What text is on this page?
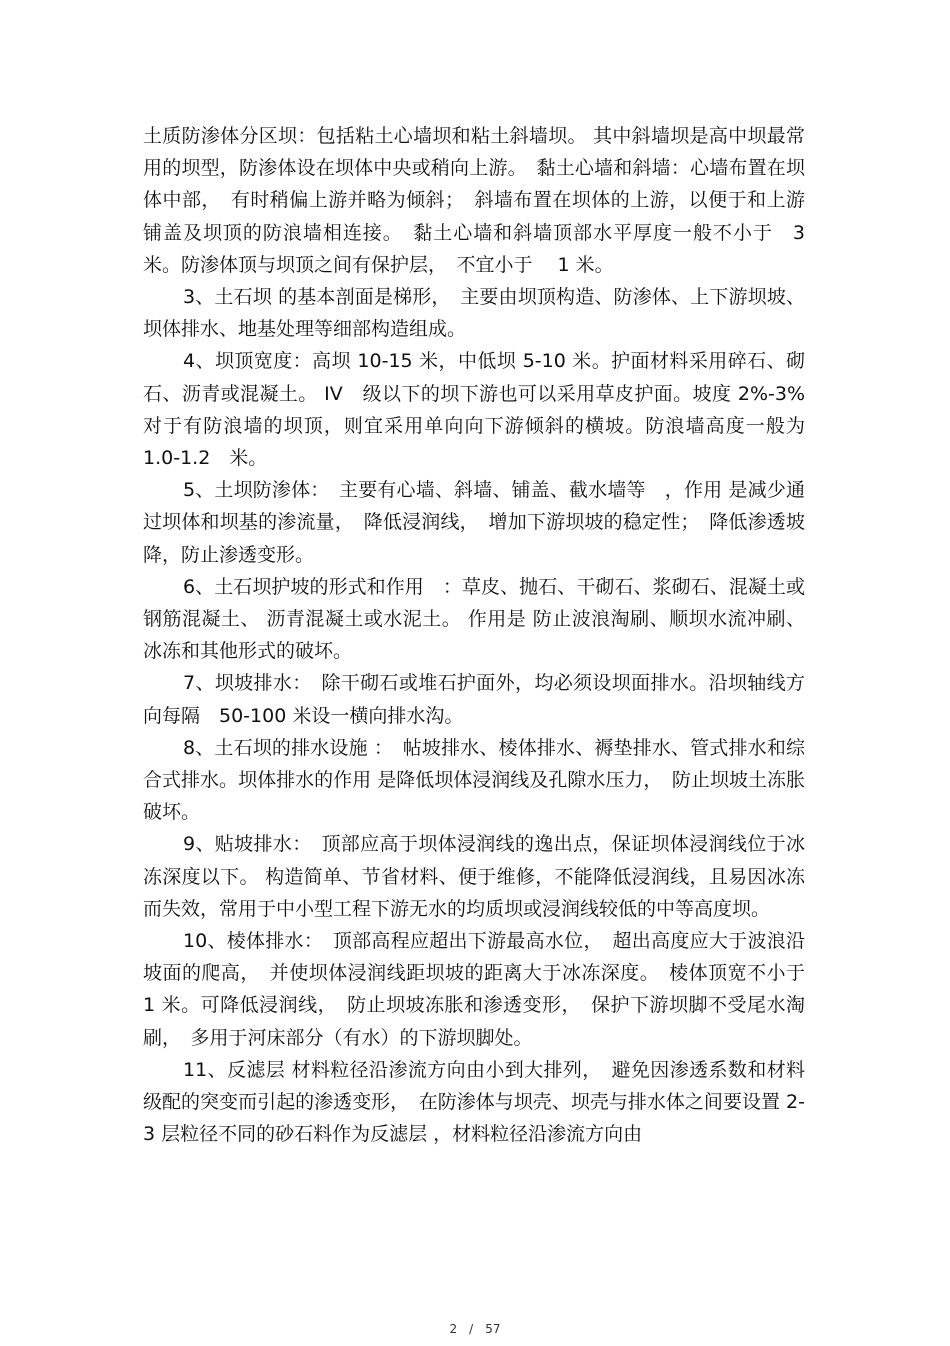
土质防渗体分区坝：包括粘土心墙坝和粘土斜墙坝。 其中斜墙坝是高中坝最常用的坝型，防渗体设在坝体中央或稍向上游。　黏土心墙和斜墙：心墙布置在坝体中部，　有时稍偏上游并略为倾斜；　斜墙布置在坝体的上游，以便于和上游铺盖及坝顶的防浪墙相连接。　黏土心墙和斜墙顶部水平厚度一般不小于　3 米。防渗体顶与坝顶之间有保护层，　不宜小于　 1 米。

3、土石坝 的基本剖面是梯形，　主要由坝顶构造、防渗体、上下游坝坡、坝体排水、地基处理等细部构造组成。

4、坝顶宽度：高坝 10-15 米，中低坝 5-10 米。护面材料采用碎石、砌石、沥青或混凝土。 IV　级以下的坝下游也可以采用草皮护面。坡度 2%-3% 对于有防浪墙的坝顶，则宜采用单向向下游倾斜的横坡。防浪墙高度一般为　1.0-1.2　米。

5、土坝防渗体：　主要有心墙、斜墙、铺盖、截水墙等　，作用 是减少通过坝体和坝基的渗流量，　降低浸润线，　增加下游坝坡的稳定性；　降低渗透坡降，防止渗透变形。

6、土石坝护坡的形式和作用　：草皮、抛石、干砌石、浆砌石、混凝土或钢筋混凝土、 沥青混凝土或水泥土。 作用是 防止波浪淘刷、顺坝水流冲刷、冰冻和其他形式的破坏。

7、坝坡排水：　除干砌石或堆石护面外，均必须设坝面排水。沿坝轴线方向每隔　50-100 米设一横向排水沟。

8、土石坝的排水设施 ：　帖坡排水、棱体排水、褥垫排水、管式排水和综合式排水。坝体排水的作用 是降低坝体浸润线及孔隙水压力，　防止坝坡土冻胀破坏。

9、贴坡排水：　顶部应高于坝体浸润线的逸出点，保证坝体浸润线位于冰冻深度以下。 构造简单、节省材料、便于维修，不能降低浸润线，且易因冰冻而失效，常用于中小型工程下游无水的均质坝或浸润线较低的中等高度坝。

10、棱体排水：　顶部高程应超出下游最高水位，　超出高度应大于波浪沿坡面的爬高，　并使坝体浸润线距坝坡的距离大于冰冻深度。　棱体顶宽不小于 1 米。可降低浸润线，　防止坝坡冻胀和渗透变形，　保护下游坝脚不受尾水淘刷，　多用于河床部分（有水）的下游坝脚处。

11、反滤层 材料粒径沿渗流方向由小到大排列，　避免因渗透系数和材料级配的突变而引起的渗透变形，　在防渗体与坝壳、坝壳与排水体之间要设置 2-3 层粒径不同的砂石料作为反滤层 ，材料粒径沿渗流方向由

2　/　57
